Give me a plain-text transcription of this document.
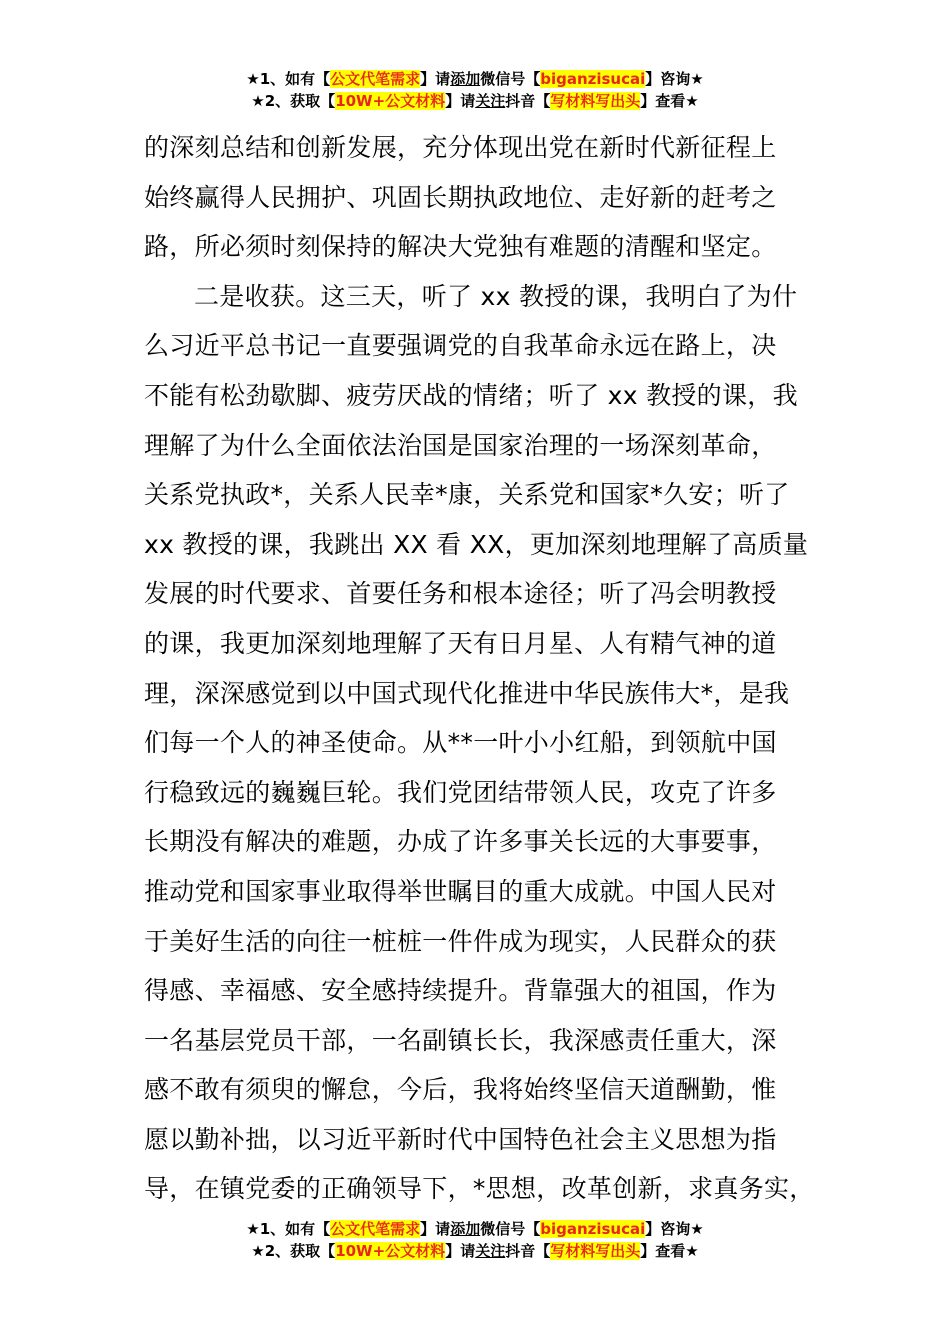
★1、如有【公文代笔需求】请添加微信号【biganzisucai】咨询★
★2、获取【10W+公文材料】请关注抖音【写材料写出头】查看★
的深刻总结和创新发展，充分体现出党在新时代新征程上
始终赢得人民拥护、巩固长期执政地位、走好新的赶考之
路，所必须时刻保持的解决大党独有难题的清醒和坚定。
二是收获。这三天，听了 xx 教授的课，我明白了为什
么习近平总书记一直要强调党的自我革命永远在路上，决
不能有松劲歇脚、疲劳厌战的情绪；听了 xx 教授的课，我
理解了为什么全面依法治国是国家治理的一场深刻革命，
关系党执政*，关系人民幸*康，关系党和国家*久安；听了
xx 教授的课，我跳出 XX 看 XX，更加深刻地理解了高质量
发展的时代要求、首要任务和根本途径；听了冯会明教授
的课，我更加深刻地理解了天有日月星、人有精气神的道
理，深深感觉到以中国式现代化推进中华民族伟大*，是我
们每一个人的神圣使命。从**一叶小小红船，到领航中国
行稳致远的巍巍巨轮。我们党团结带领人民，攻克了许多
长期没有解决的难题，办成了许多事关长远的大事要事，
推动党和国家事业取得举世瞩目的重大成就。中国人民对
于美好生活的向往一桩桩一件件成为现实，人民群众的获
得感、幸福感、安全感持续提升。背靠强大的祖国，作为
一名基层党员干部，一名副镇长长，我深感责任重大，深
感不敢有须臾的懈怠，今后，我将始终坚信天道酬勤，惟
愿以勤补拙，以习近平新时代中国特色社会主义思想为指
导，在镇党委的正确领导下，*思想，改革创新，求真务实，
★1、如有【公文代笔需求】请添加微信号【biganzisucai】咨询★
★2、获取【10W+公文材料】请关注抖音【写材料写出头】查看★
